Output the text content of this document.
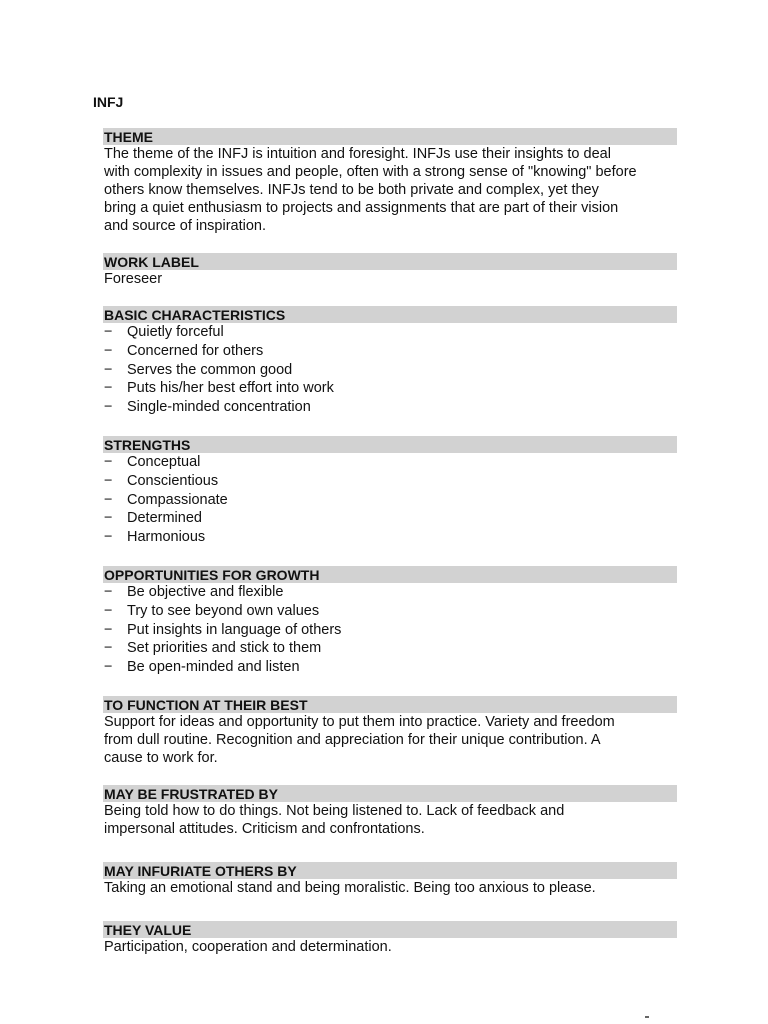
INFJ
THEME
The theme of the INFJ is intuition and foresight. INFJs use their insights to deal
with complexity in issues and people, often with a strong sense of "knowing" before
others know themselves. INFJs tend to be both private and complex, yet they
bring a quiet enthusiasm to projects and assignments that are part of their vision
and source of inspiration.
WORK LABEL
Foreseer
BASIC CHARACTERISTICS
− Quietly forceful
− Concerned for others
− Serves the common good
− Puts his/her best effort into work
− Single-minded concentration
STRENGTHS
− Conceptual
− Conscientious
− Compassionate
− Determined
− Harmonious
OPPORTUNITIES FOR GROWTH
− Be objective and flexible
− Try to see beyond own values
− Put insights in language of others
− Set priorities and stick to them
− Be open-minded and listen
TO FUNCTION AT THEIR BEST
Support for ideas and opportunity to put them into practice. Variety and freedom
from dull routine. Recognition and appreciation for their unique contribution. A
cause to work for.
MAY BE FRUSTRATED BY
Being told how to do things. Not being listened to. Lack of feedback and
impersonal attitudes. Criticism and confrontations.
MAY INFURIATE OTHERS BY
Taking an emotional stand and being moralistic. Being too anxious to please.
THEY VALUE
Participation, cooperation and determination.
